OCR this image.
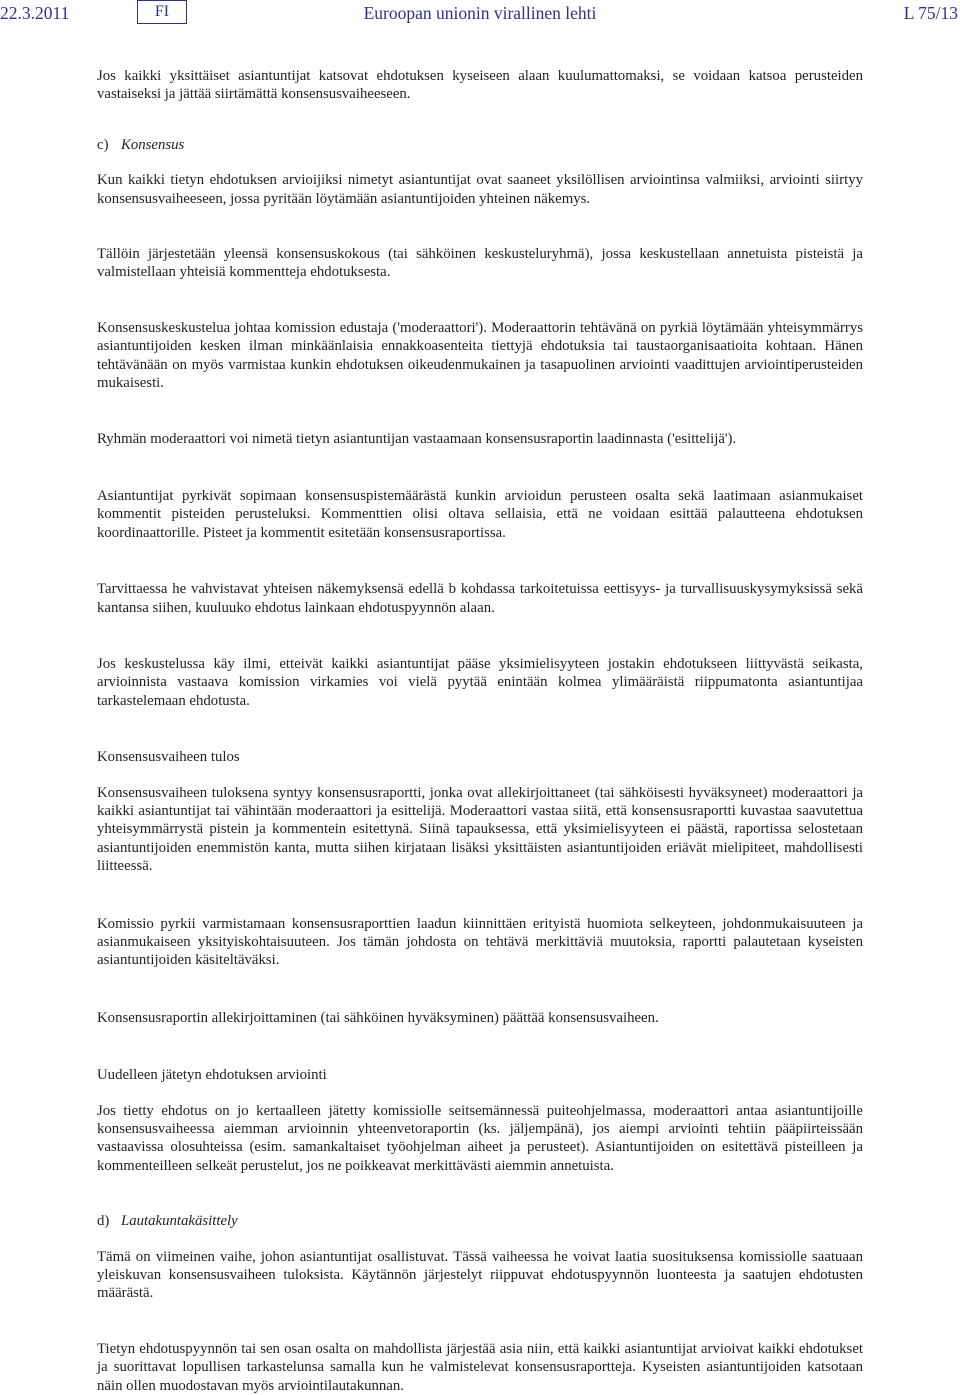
22.3.2011	FI	Euroopan unionin virallinen lehti	L 75/13

Jos kaikki yksittäiset asiantuntijat katsovat ehdotuksen kyseiseen alaan kuulumattomaksi, se voidaan katsoa perusteiden vastaiseksi ja jättää siirtämättä konsensusvaiheeseen.

c) Konsensus

Kun kaikki tietyn ehdotuksen arvioijiksi nimetyt asiantuntijat ovat saaneet yksilöllisen arviointinsa valmiiksi, arviointi siirtyy konsensusvaiheeseen, jossa pyritään löytämään asiantuntijoiden yhteinen näkemys.

Tällöin järjestetään yleensä konsensuskokous (tai sähköinen keskusteluryhmä), jossa keskustellaan annetuista pisteistä ja valmistellaan yhteisiä kommentteja ehdotuksesta.

Konsensuskeskustelua johtaa komission edustaja ('moderaattori'). Moderaattorin tehtävänä on pyrkiä löytämään yhteisymmärrys asiantuntijoiden kesken ilman minkäänlaisia ennakkoasenteita tiettyjä ehdotuksia tai taustaorganisaatioita kohtaan. Hänen tehtävänään on myös varmistaa kunkin ehdotuksen oikeudenmukainen ja tasapuolinen arviointi vaadittujen arviointiperusteiden mukaisesti.

Ryhmän moderaattori voi nimetä tietyn asiantuntijan vastaamaan konsensusraportin laadinnasta ('esittelijä').

Asiantuntijat pyrkivät sopimaan konsensuspistemäärästä kunkin arvioidun perusteen osalta sekä laatimaan asianmukaiset kommentit pisteiden perusteluksi. Kommenttien olisi oltava sellaisia, että ne voidaan esittää palautteena ehdotuksen koordinaattorille. Pisteet ja kommentit esitetään konsensusraportissa.

Tarvittaessa he vahvistavat yhteisen näkemyksensä edellä b kohdassa tarkoitetuissa eettisyys- ja turvallisuuskysymyksissä sekä kantansa siihen, kuuluuko ehdotus lainkaan ehdotuspyynnön alaan.

Jos keskustelussa käy ilmi, etteivät kaikki asiantuntijat pääse yksimielisyyteen jostakin ehdotukseen liittyvästä seikasta, arvioinnista vastaava komission virkamies voi vielä pyytää enintään kolmea ylimääräistä riippumatonta asiantuntijaa tarkastelemaan ehdotusta.

Konsensusvaiheen tulos

Konsensusvaiheen tuloksena syntyy konsensusraportti, jonka ovat allekirjoittaneet (tai sähköisesti hyväksyneet) moderaattori ja kaikki asiantuntijat tai vähintään moderaattori ja esittelijä. Moderaattori vastaa siitä, että konsensusraportti kuvastaa saavutettua yhteisymmärrystä pistein ja kommentein esitettynä. Siinä tapauksessa, että yksimielisyyteen ei päästä, raportissa selostetaan asiantuntijoiden enemmistön kanta, mutta siihen kirjataan lisäksi yksittäisten asiantuntijoiden eriävät mielipiteet, mahdollisesti liitteessä.

Komissio pyrkii varmistamaan konsensusraporttien laadun kiinnittäen erityistä huomiota selkeyteen, johdonmukaisuuteen ja asianmukaiseen yksityiskohtaisuuteen. Jos tämän johdosta on tehtävä merkittäviä muutoksia, raportti palautetaan kyseisten asiantuntijoiden käsiteltäväksi.

Konsensusraportin allekirjoittaminen (tai sähköinen hyväksyminen) päättää konsensusvaiheen.

Uudelleen jätetyn ehdotuksen arviointi

Jos tietty ehdotus on jo kertaalleen jätetty komissiolle seitsemännessä puiteohjelmassa, moderaattori antaa asiantuntijoille konsensusvaiheessa aiemman arvioinnin yhteenvetoraportin (ks. jäljempänä), jos aiempi arviointi tehtiin pääpiirteissään vastaavissa olosuhteissa (esim. samankaltaiset työohjelman aiheet ja perusteet). Asiantuntijoiden on esitettävä pisteilleen ja kommenteilleen selkeät perustelut, jos ne poikkeavat merkittävästi aiemmin annetuista.

d) Lautakuntakäsittely

Tämä on viimeinen vaihe, johon asiantuntijat osallistuvat. Tässä vaiheessa he voivat laatia suosituksensa komissiolle saatuaan yleiskuvan konsensusvaiheen tuloksista. Käytännön järjestelyt riippuvat ehdotuspyynnön luonteesta ja saatujen ehdotusten määrästä.

Tietyn ehdotuspyynnön tai sen osan osalta on mahdollista järjestää asia niin, että kaikki asiantuntijat arvioivat kaikki ehdotukset ja suorittavat lopullisen tarkastelunsa samalla kun he valmistelevat konsensusraportteja. Kyseisten asiantuntijoiden katsotaan näin ollen muodostavan myös arviointilautakunnan.
